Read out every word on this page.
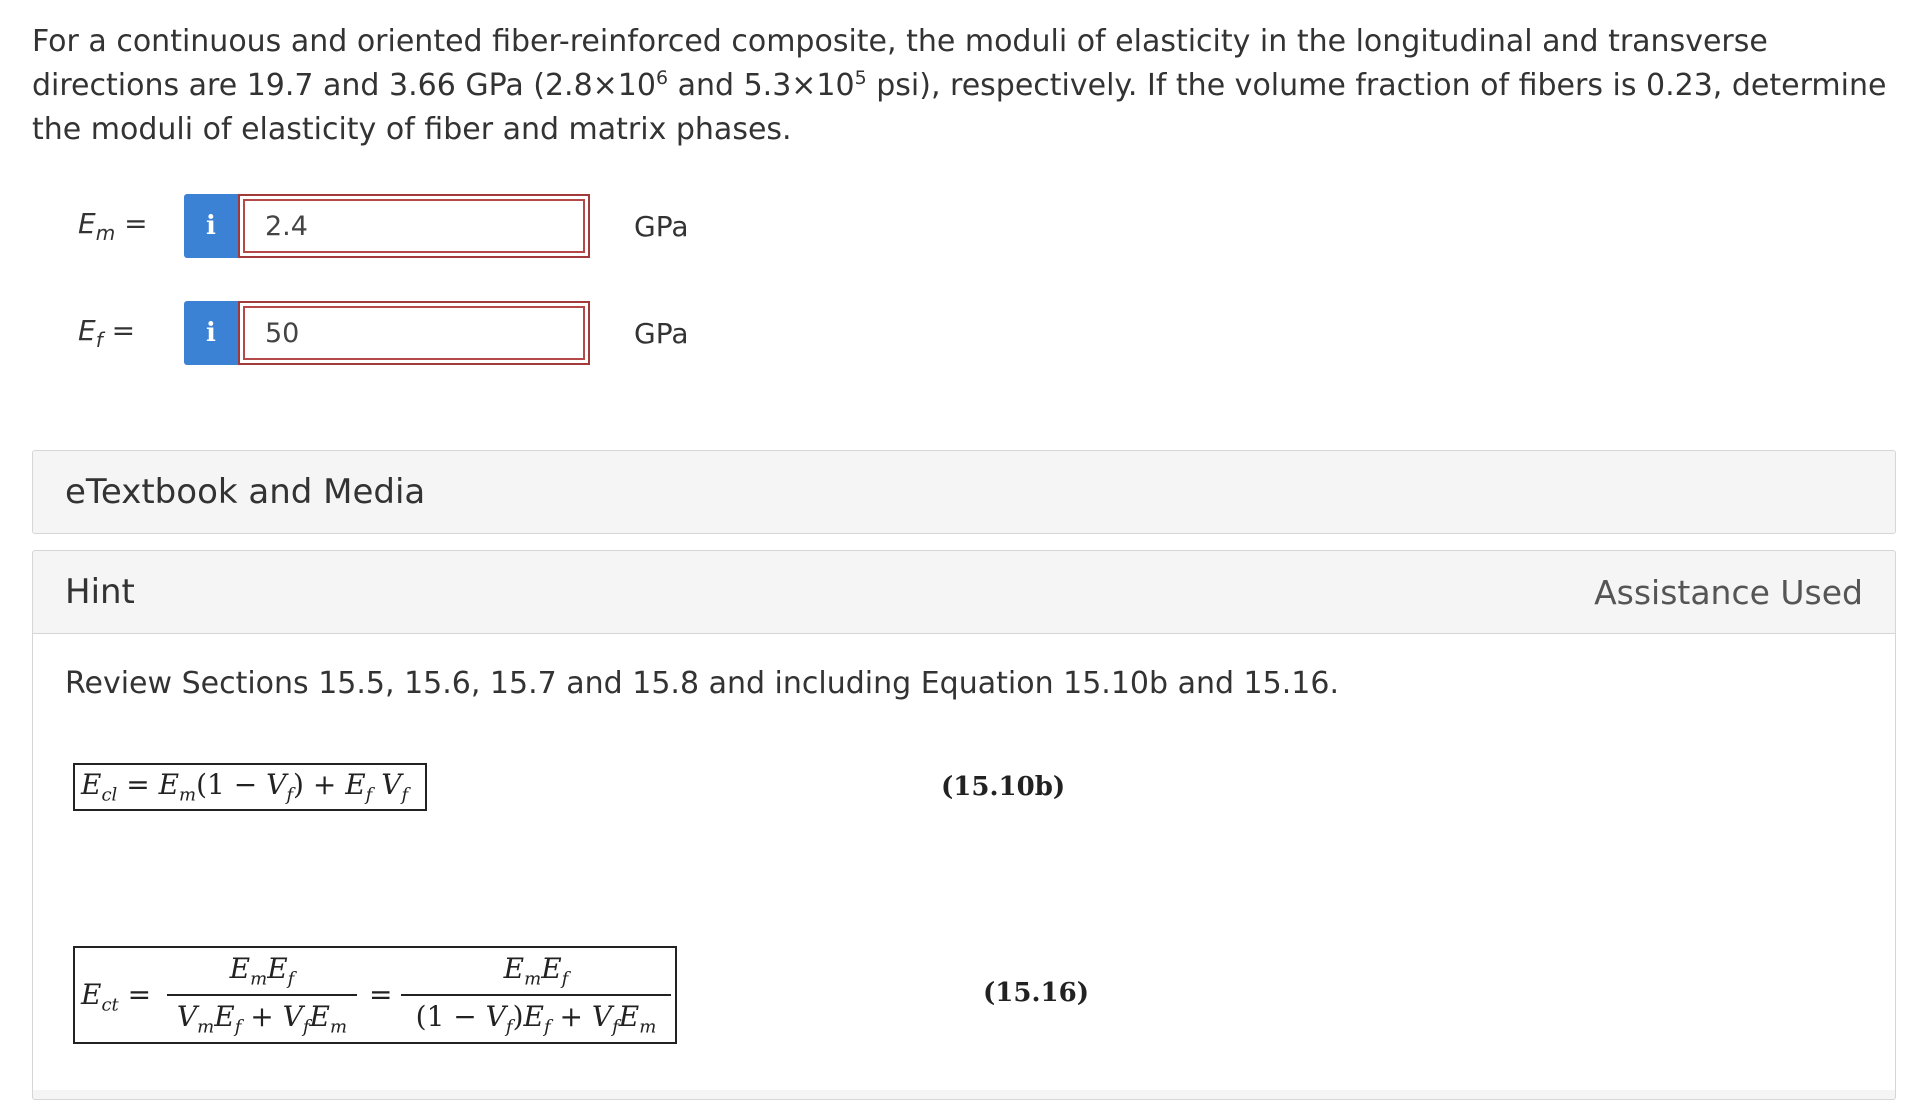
For a continuous and oriented fiber-reinforced composite, the moduli of elasticity in the longitudinal and transverse directions are 19.7 and 3.66 GPa ($2.8\times 10^6$ and $5.3\times 10^5$ psi), respectively. If the volume fraction of fibers is 0.23, determine the moduli of elasticity of fiber and matrix phases.

$E_m$ =	i	2.4	GPa
$E_f$ =	i	50	GPa
eTextbook and Media
Hint	Assistance Used
Review Sections 15.5, 15.6, 15.7 and 15.8 and including Equation 15.10b and 15.16.
$E_{cl} = E_m(1 - V_f) + E_f$ $V_f$	(15.10b)
$E_{ct}$ =
$E_mE_f$
$V_mE_f + V_fE_m$
=
$E_mE_f$
$(1 - V_f)E_f + V_fE_m$
(15.16)
